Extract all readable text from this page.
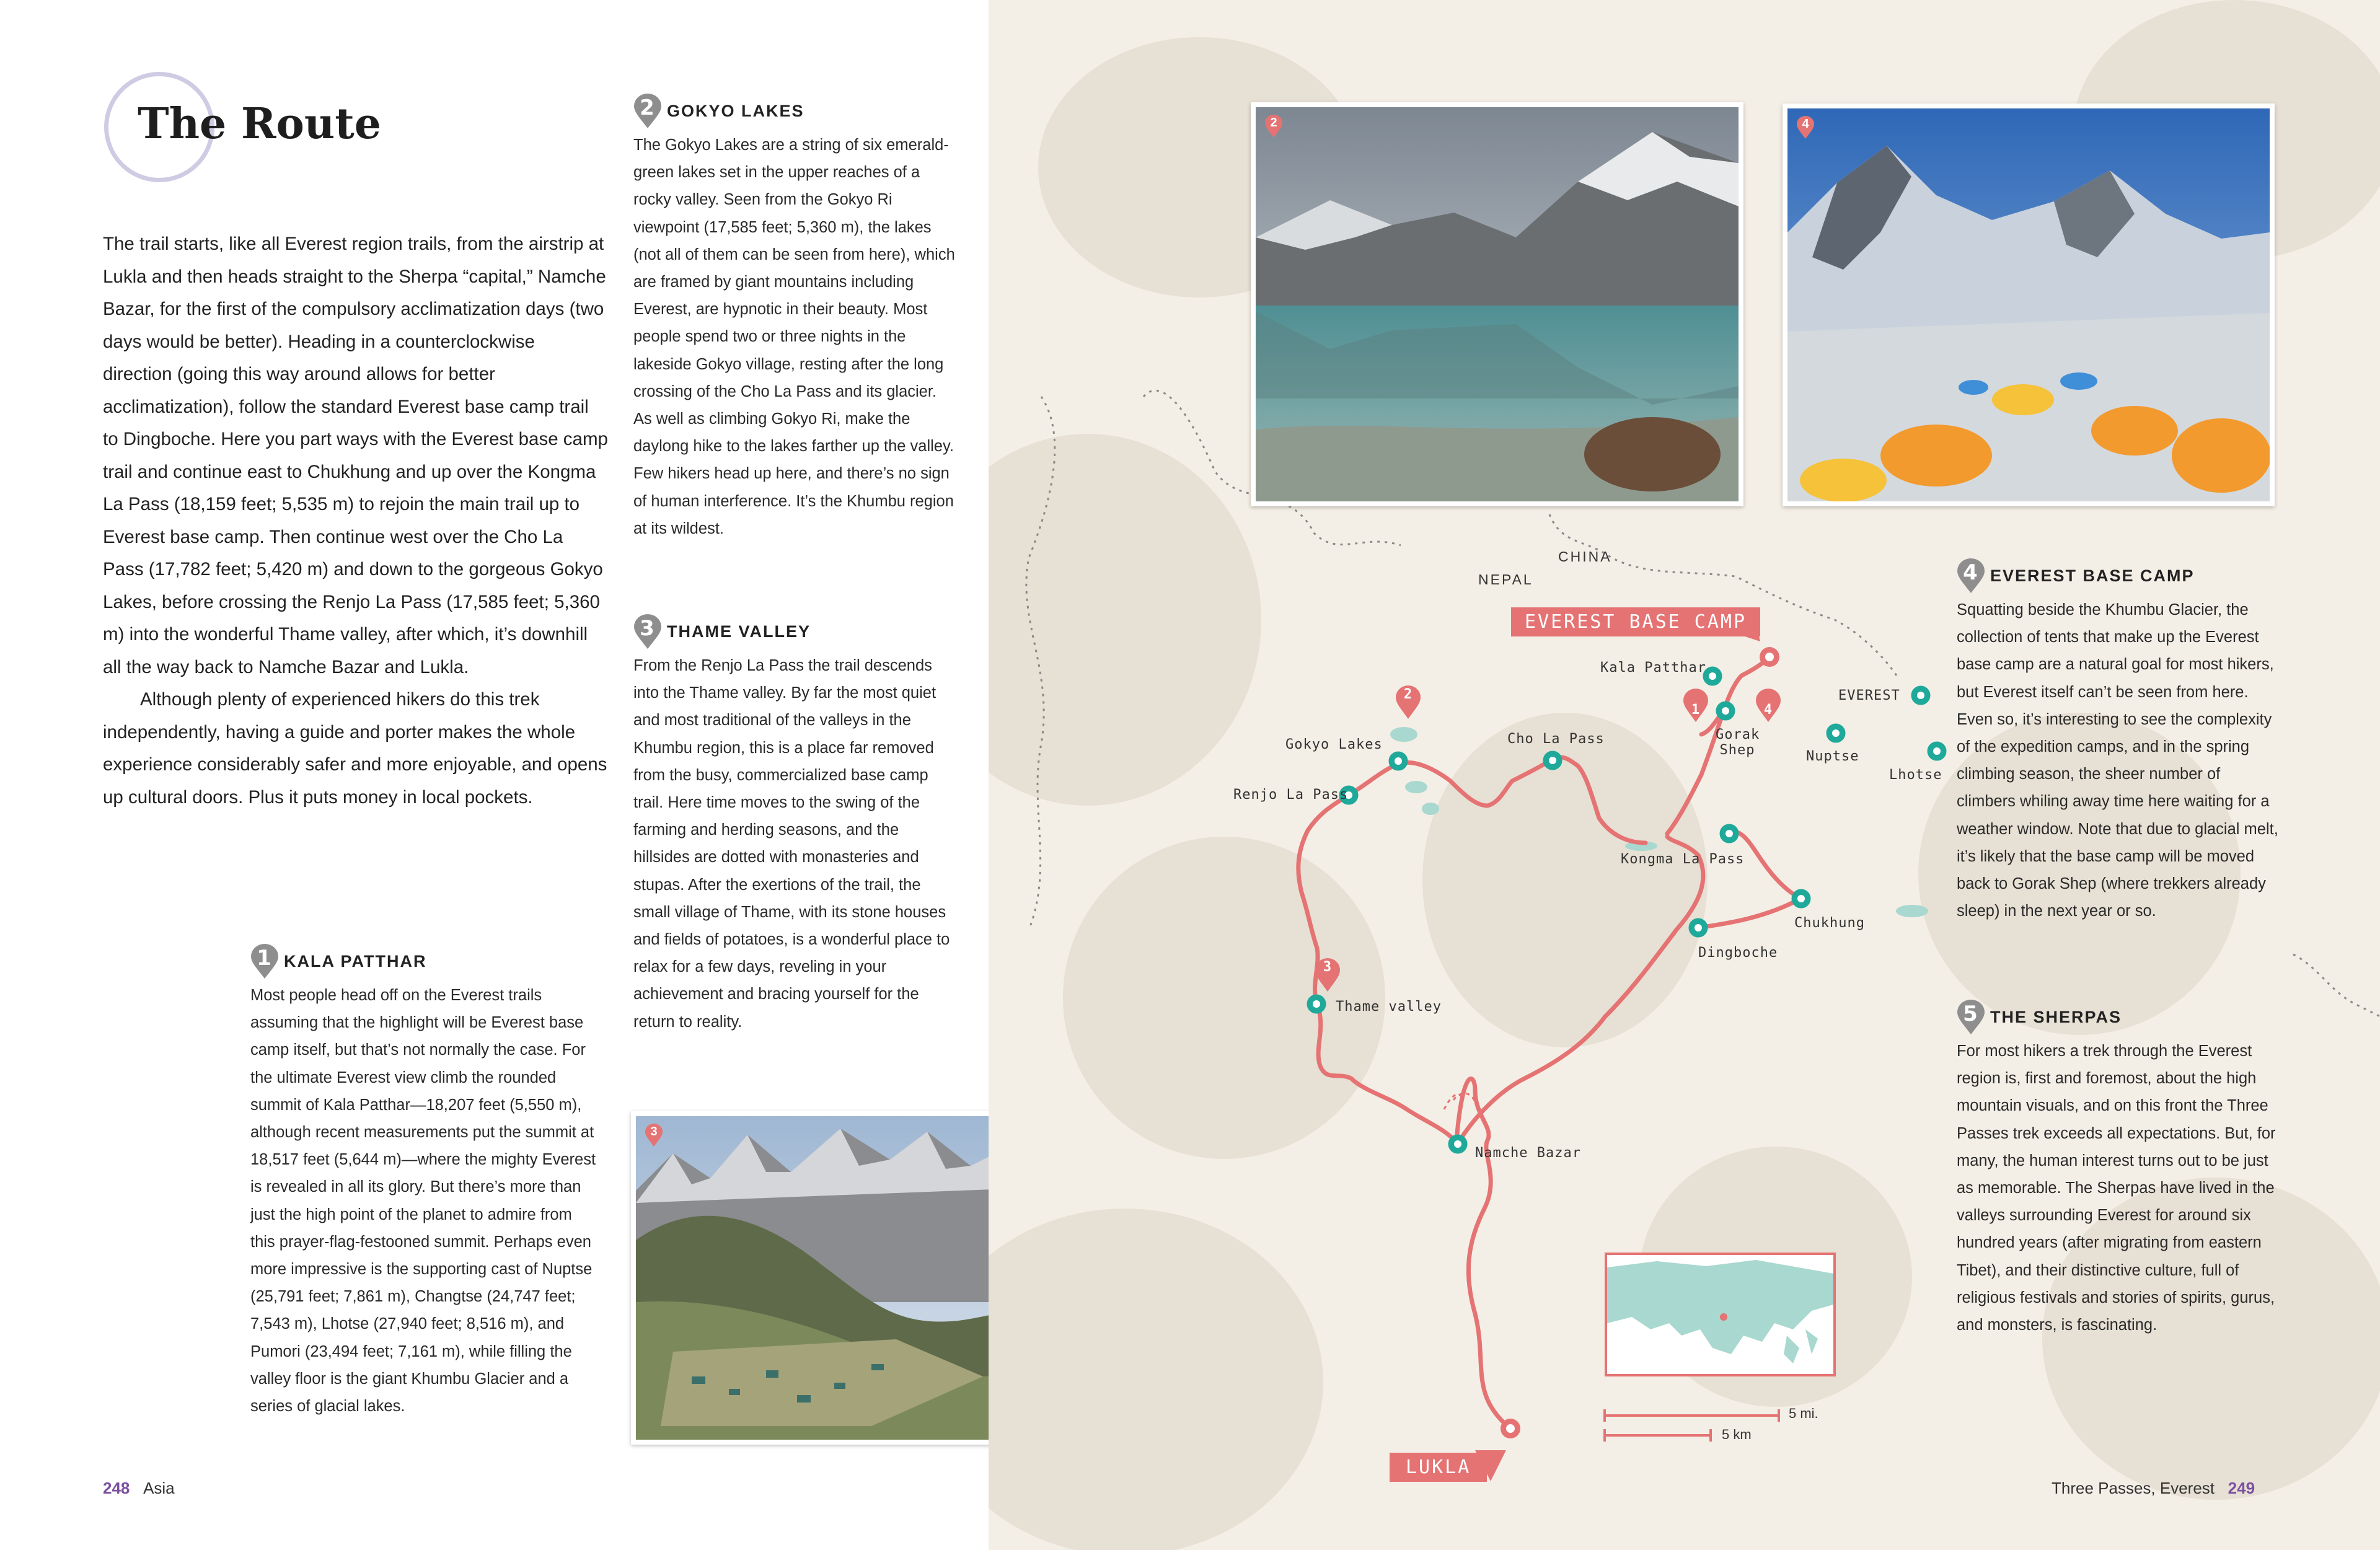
The Route

The trail starts, like all Everest region trails, from the airstrip at Lukla and then heads straight to the Sherpa “capital,” Namche Bazar, for the first of the compulsory acclimatization days (two days would be better). Heading in a counterclockwise direction (going this way around allows for better acclimatization), follow the standard Everest base camp trail to Dingboche. Here you part ways with the Everest base camp trail and continue east to Chukhung and up over the Kongma La Pass (18,159 feet; 5,535 m) to rejoin the main trail up to Everest base camp. Then continue west over the Cho La Pass (17,782 feet; 5,420 m) and down to the gorgeous Gokyo Lakes, before crossing the Renjo La Pass (17,585 feet; 5,360 m) into the wonderful Thame valley, after which, it’s downhill all the way back to Namche Bazar and Lukla.

Although plenty of experienced hikers do this trek independently, having a guide and porter makes the whole experience considerably safer and more enjoyable, and opens up cultural doors. Plus it puts money in local pockets.

1 KALA PATTHAR
Most people head off on the Everest trails assuming that the highlight will be Everest base camp itself, but that’s not normally the case. For the ultimate Everest view climb the rounded summit of Kala Patthar—18,207 feet (5,550 m), although recent measurements put the summit at 18,517 feet (5,644 m)—where the mighty Everest is revealed in all its glory. But there’s more than just the high point of the planet to admire from this prayer-flag-festooned summit. Perhaps even more impressive is the supporting cast of Nuptse (25,791 feet; 7,861 m), Changtse (24,747 feet; 7,543 m), Lhotse (27,940 feet; 8,516 m), and Pumori (23,494 feet; 7,161 m), while filling the valley floor is the giant Khumbu Glacier and a series of glacial lakes.
2 GOKYO LAKES
The Gokyo Lakes are a string of six emerald-green lakes set in the upper reaches of a rocky valley. Seen from the Gokyo Ri viewpoint (17,585 feet; 5,360 m), the lakes (not all of them can be seen from here), which are framed by giant mountains including Everest, are hypnotic in their beauty. Most people spend two or three nights in the lakeside Gokyo village, resting after the long crossing of the Cho La Pass and its glacier. As well as climbing Gokyo Ri, make the daylong hike to the lakes farther up the valley. Few hikers head up here, and there’s no sign of human interference. It’s the Khumbu region at its wildest.
3 THAME VALLEY
From the Renjo La Pass the trail descends into the Thame valley. By far the most quiet and most traditional of the valleys in the Khumbu region, this is a place far removed from the busy, commercialized base camp trail. Here time moves to the swing of the farming and herding seasons, and the hillsides are dotted with monasteries and stupas. After the exertions of the trail, the small village of Thame, with its stone houses and fields of potatoes, is a wonderful place to relax for a few days, reveling in your achievement and bracing yourself for the return to reality.
3
248 Asia
NEPAL
CHINA
EVEREST BASE CAMP
LUKLA
Kala Patthar
Gorak Shep
EVEREST
Nuptse
Lhotse
Gokyo Lakes
Renjo La Pass
Cho La Pass
Kongma La Pass
Chukhung
Dingboche
Thame valley
Namche Bazar
1	4
2
3
5 mi.
5 km
2	4
4 EVEREST BASE CAMP
Squatting beside the Khumbu Glacier, the collection of tents that make up the Everest base camp are a natural goal for most hikers, but Everest itself can’t be seen from here. Even so, it’s interesting to see the complexity of the expedition camps, and in the spring climbing season, the sheer number of climbers whiling away time here waiting for a weather window. Note that due to glacial melt, it’s likely that the base camp will be moved back to Gorak Shep (where trekkers already sleep) in the next year or so.
5 THE SHERPAS
For most hikers a trek through the Everest region is, first and foremost, about the high mountain visuals, and on this front the Three Passes trek exceeds all expectations. But, for many, the human interest turns out to be just as memorable. The Sherpas have lived in the valleys surrounding Everest for around six hundred years (after migrating from eastern Tibet), and their distinctive culture, full of religious festivals and stories of spirits, gurus, and monsters, is fascinating.
Three Passes, Everest 249
